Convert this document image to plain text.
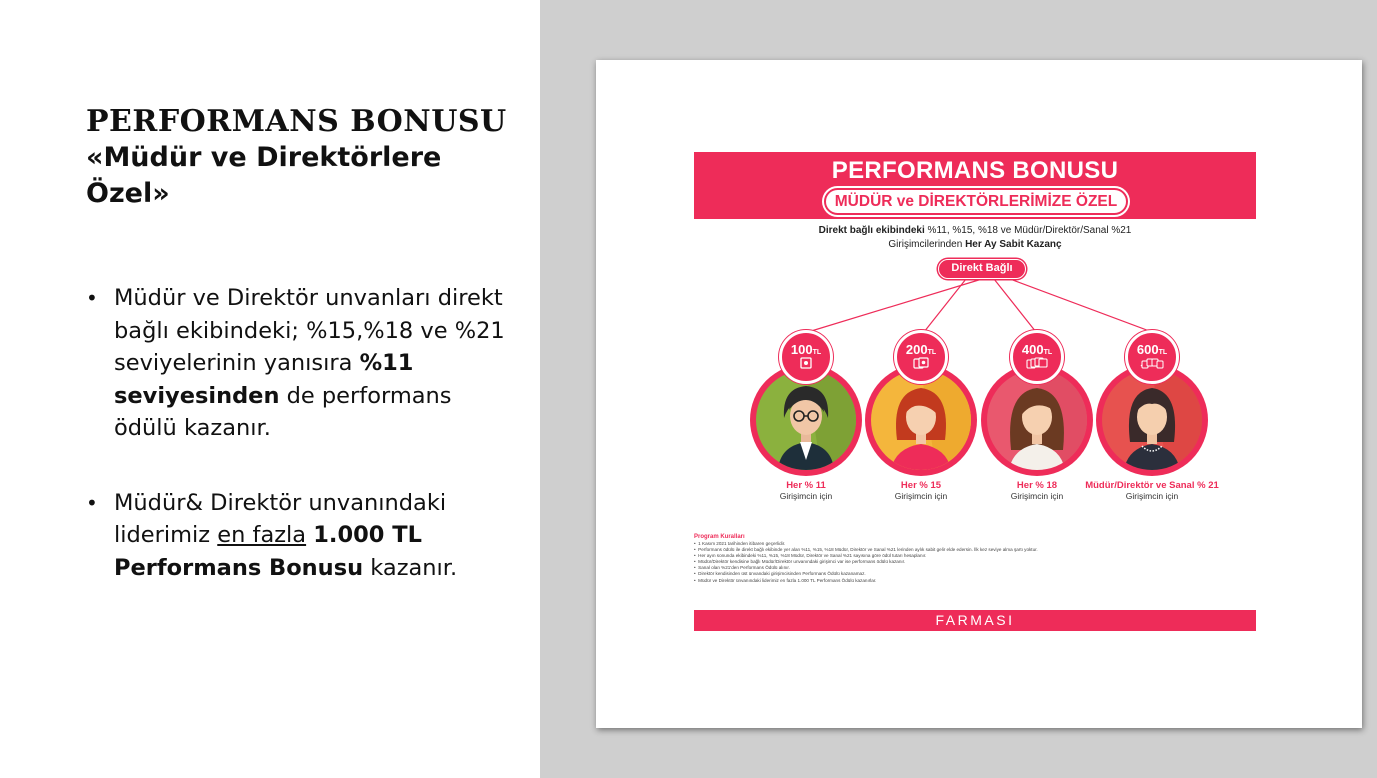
PERFORMANS BONUSU
«Müdür ve Direktörlere Özel»
• Müdür ve Direktör unvanları direkt bağlı ekibindeki; %15,%18 ve %21 seviyelerinin yanısıra %11 seviyesinden de performans ödülü kazanır.
• Müdür& Direktör unvanındaki liderimiz en fazla 1.000 TL Performans Bonusu kazanır.
PERFORMANS BONUSU
MÜDÜR ve DİREKTÖRLERİMİZE ÖZEL
Direkt bağlı ekibindeki %11, %15, %18 ve Müdür/Direktör/Sanal %21
Girişimcilerinden Her Ay Sabit Kazanç
Direkt Bağlı
100TL
Her % 11
Girişimcin için
200TL
Her % 15
Girişimcin için
400TL
Her % 18
Girişimcin için
600TL
Müdür/Direktör ve Sanal % 21
Girişimcin için
Program Kuralları
•  1 Kasım 2021 tarihinden itibaren geçerlidir.
•  Performans ödülü ile direkt bağlı ekibinde yer alan %11, %15, %18 Müdür, Direktör ve Sanal %21 lerinden aylık sabit gelir elde edersin. İlk kez seviye alma şartı yoktur.
•  Her ayın sonunda ekibindeki %11, %15, %18 Müdür, Direktör ve Sanal %21 sayısına göre ödül tutarı hesaplanır.
•  Müdür/Direktör kendisine bağlı Müdür/Direktör unvanındaki girişimci var ise performans ödülü kazanır.
•  Sanal olan %21'den Performans Ödülü alınır.
•  Direktör kendisinden üst ünvandaki girişimcisinden Performans Ödülü kazanamaz.
•  Müdür ve Direktör ünvanındaki liderimiz en fazla 1.000 TL Performans Ödülü kazanırlar.
FARMASI
